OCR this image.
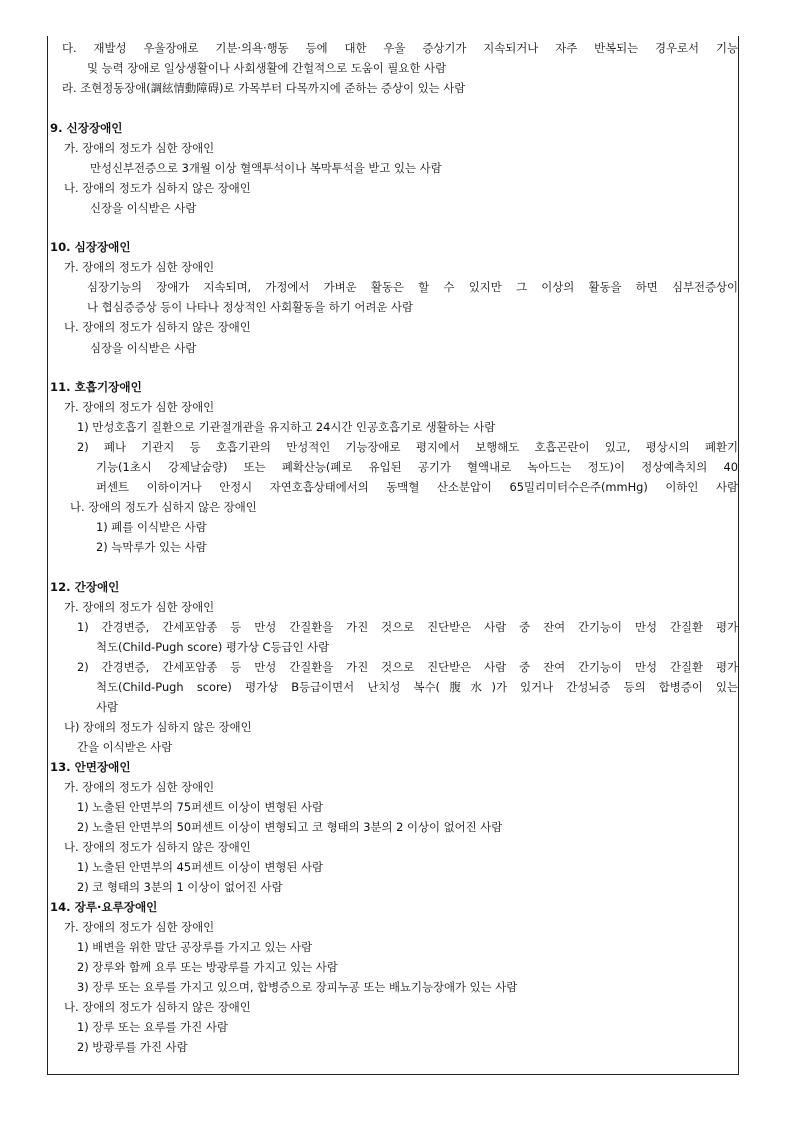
다. 재발성 우울장애로 기분·의욕·행동 등에 대한 우울 증상기가 지속되거나 자주 반복되는 경우로서 기능
및 능력 장애로 일상생활이나 사회생활에 간헐적으로 도움이 필요한 사람
라. 조현정동장애(調絃情動障碍)로 가목부터 다목까지에 준하는 증상이 있는 사람
9. 신장장애인
가. 장애의 정도가 심한 장애인
만성신부전증으로 3개월 이상 혈액투석이나 복막투석을 받고 있는 사람
나. 장애의 정도가 심하지 않은 장애인
신장을 이식받은 사람
10. 심장장애인
가. 장애의 정도가 심한 장애인
심장기능의 장애가 지속되며, 가정에서 가벼운 활동은 할 수 있지만 그 이상의 활동을 하면 심부전증상이
나 협심증증상 등이 나타나 정상적인 사회활동을 하기 어려운 사람
나. 장애의 정도가 심하지 않은 장애인
심장을 이식받은 사람
11. 호흡기장애인
가. 장애의 정도가 심한 장애인
1) 만성호흡기 질환으로 기관절개관을 유지하고 24시간 인공호흡기로 생활하는 사람
2) 폐나 기관지 등 호흡기관의 만성적인 기능장애로 평지에서 보행해도 호흡곤란이 있고, 평상시의 폐환기
기능(1초시 강제날숨량) 또는 폐확산능(폐로 유입된 공기가 혈액내로 녹아드는 정도)이 정상예측치의 40
퍼센트 이하이거나 안정시 자연호흡상태에서의 동맥혈 산소분압이 65밀리미터수은주(mmHg) 이하인 사람
나. 장애의 정도가 심하지 않은 장애인
1) 폐를 이식받은 사람
2) 늑막루가 있는 사람
12. 간장애인
가. 장애의 정도가 심한 장애인
1) 간경변증, 간세포암종 등 만성 간질환을 가진 것으로 진단받은 사람 중 잔여 간기능이 만성 간질환 평가
척도(Child-Pugh score) 평가상 C등급인 사람
2) 간경변증, 간세포암종 등 만성 간질환을 가진 것으로 진단받은 사람 중 잔여 간기능이 만성 간질환 평가
척도(Child-Pugh score) 평가상 B등급이면서 난치성 복수(腹水)가 있거나 간성뇌증 등의 합병증이 있는
사람
나) 장애의 정도가 심하지 않은 장애인
간을 이식받은 사람
13. 안면장애인
가. 장애의 정도가 심한 장애인
1) 노출된 안면부의 75퍼센트 이상이 변형된 사람
2) 노출된 안면부의 50퍼센트 이상이 변형되고 코 형태의 3분의 2 이상이 없어진 사람
나. 장애의 정도가 심하지 않은 장애인
1) 노출된 안면부의 45퍼센트 이상이 변형된 사람
2) 코 형태의 3분의 1 이상이 없어진 사람
14. 장루·요루장애인
가. 장애의 정도가 심한 장애인
1) 배변을 위한 말단 공장루를 가지고 있는 사람
2) 장루와 함께 요루 또는 방광루를 가지고 있는 사람
3) 장루 또는 요루를 가지고 있으며, 합병증으로 장피누공 또는 배뇨기능장애가 있는 사람
나. 장애의 정도가 심하지 않은 장애인
1) 장루 또는 요루를 가진 사람
2) 방광루를 가진 사람
